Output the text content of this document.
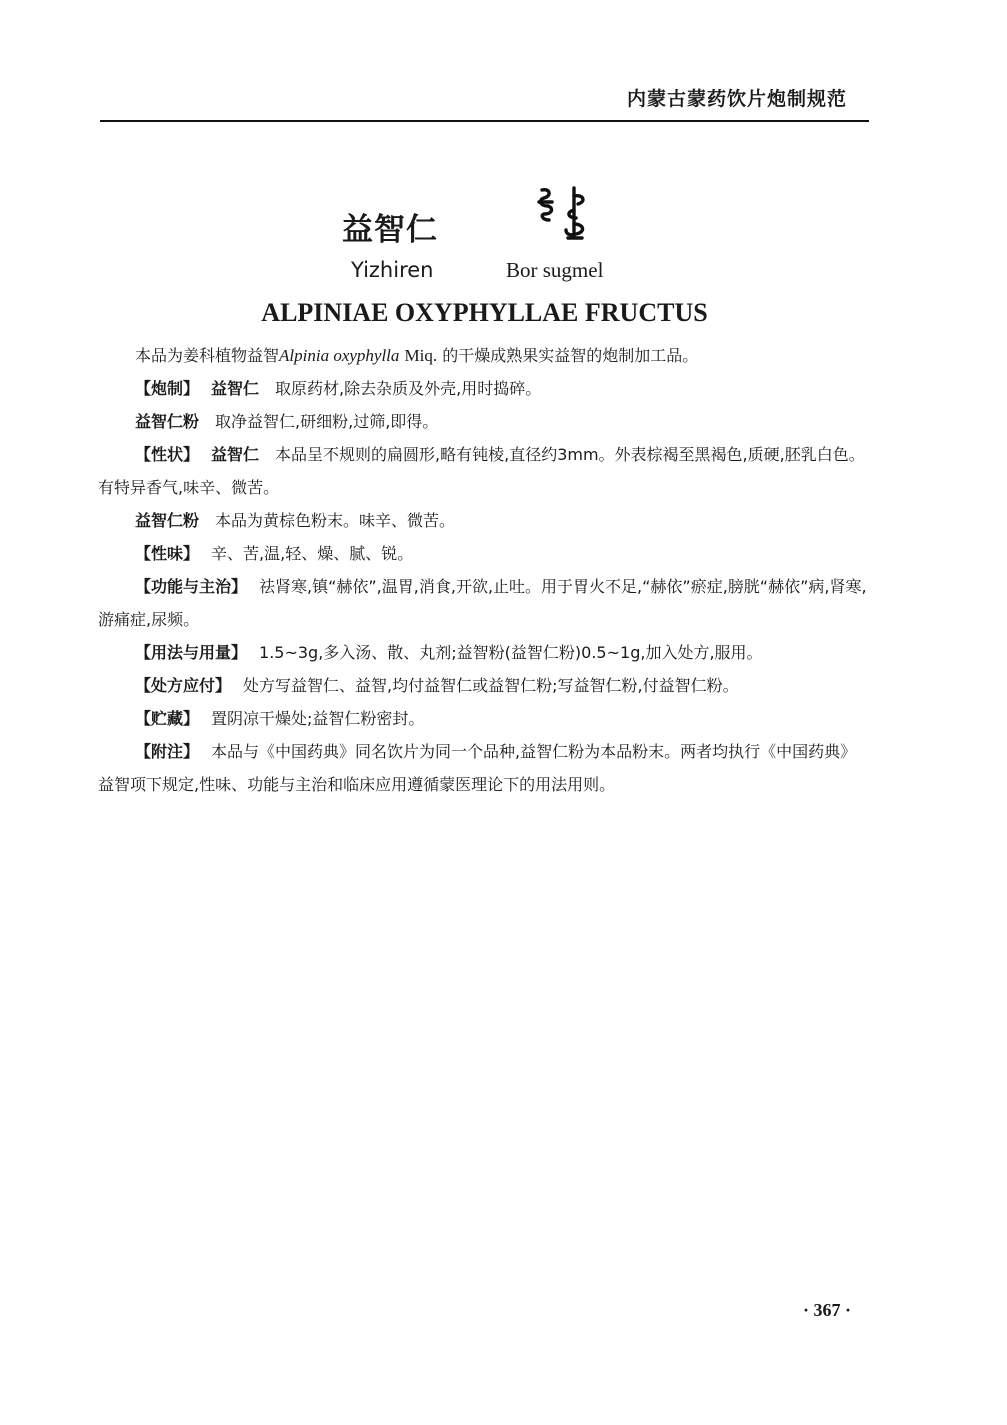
内蒙古蒙药饮片炮制规范
益智仁
Yizhiren	Bor sugmel
ALPINIAE OXYPHYLLAE FRUCTUS

本品为姜科植物益智Alpinia oxyphylla Miq. 的干燥成熟果实益智的炮制加工品。

【炮制】 益智仁 取原药材,除去杂质及外壳,用时捣碎。

益智仁粉 取净益智仁,研细粉,过筛,即得。

【性状】 益智仁 本品呈不规则的扁圆形,略有钝棱,直径约3mm。外表棕褐至黑褐色,质硬,胚乳白色。有特异香气,味辛、微苦。

益智仁粉 本品为黄棕色粉末。味辛、微苦。

【性味】 辛、苦,温,轻、燥、腻、锐。

【功能与主治】 祛肾寒,镇“赫依”,温胃,消食,开欲,止吐。用于胃火不足,“赫依”瘀症,膀胱“赫依”病,肾寒,游痛症,尿频。

【用法与用量】 1.5~3g,多入汤、散、丸剂;益智粉(益智仁粉)0.5~1g,加入处方,服用。

【处方应付】 处方写益智仁、益智,均付益智仁或益智仁粉;写益智仁粉,付益智仁粉。

【贮藏】 置阴凉干燥处;益智仁粉密封。

【附注】 本品与《中国药典》同名饮片为同一个品种,益智仁粉为本品粉末。两者均执行《中国药典》益智项下规定,性味、功能与主治和临床应用遵循蒙医理论下的用法用则。

· 367 ·
